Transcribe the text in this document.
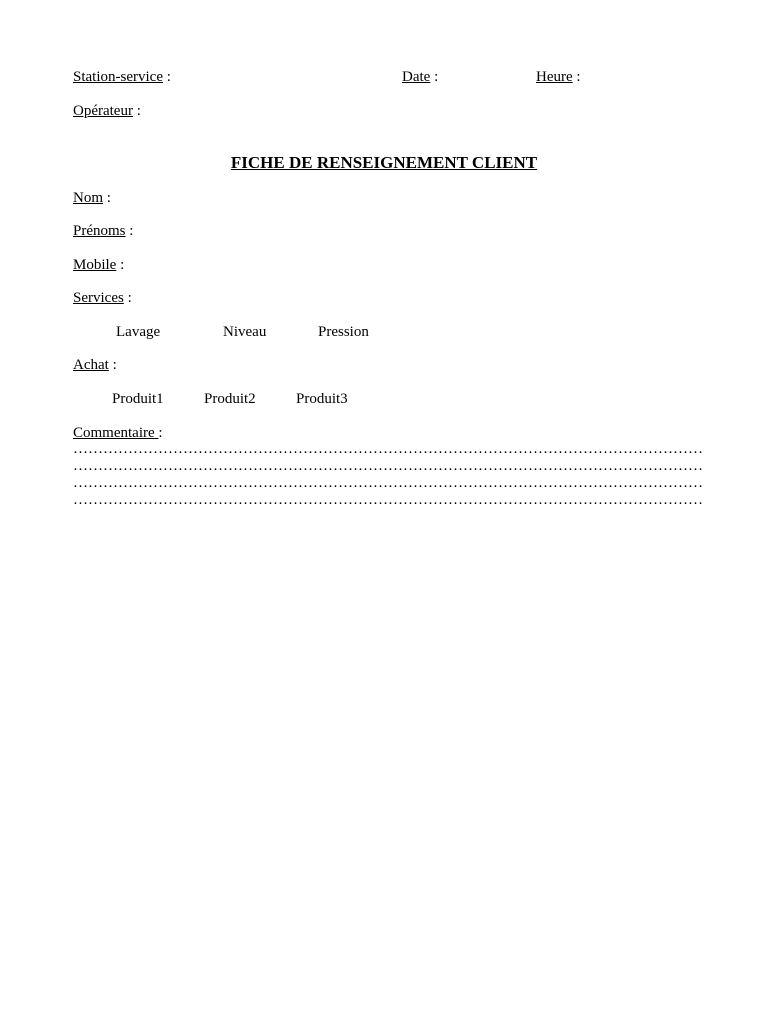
Station-service :	Date :	Heure :
Opérateur :
FICHE DE RENSEIGNEMENT CLIENT
Nom :
Prénoms :
Mobile :
Services :
Lavage	Niveau	Pression
Achat :
Produit1	Produit2	Produit3
Commentaire :
………………………………………………………………………………………………………………
………………………………………………………………………………………………………………
………………………………………………………………………………………………………………
………………………………………………………………………………………………………………
